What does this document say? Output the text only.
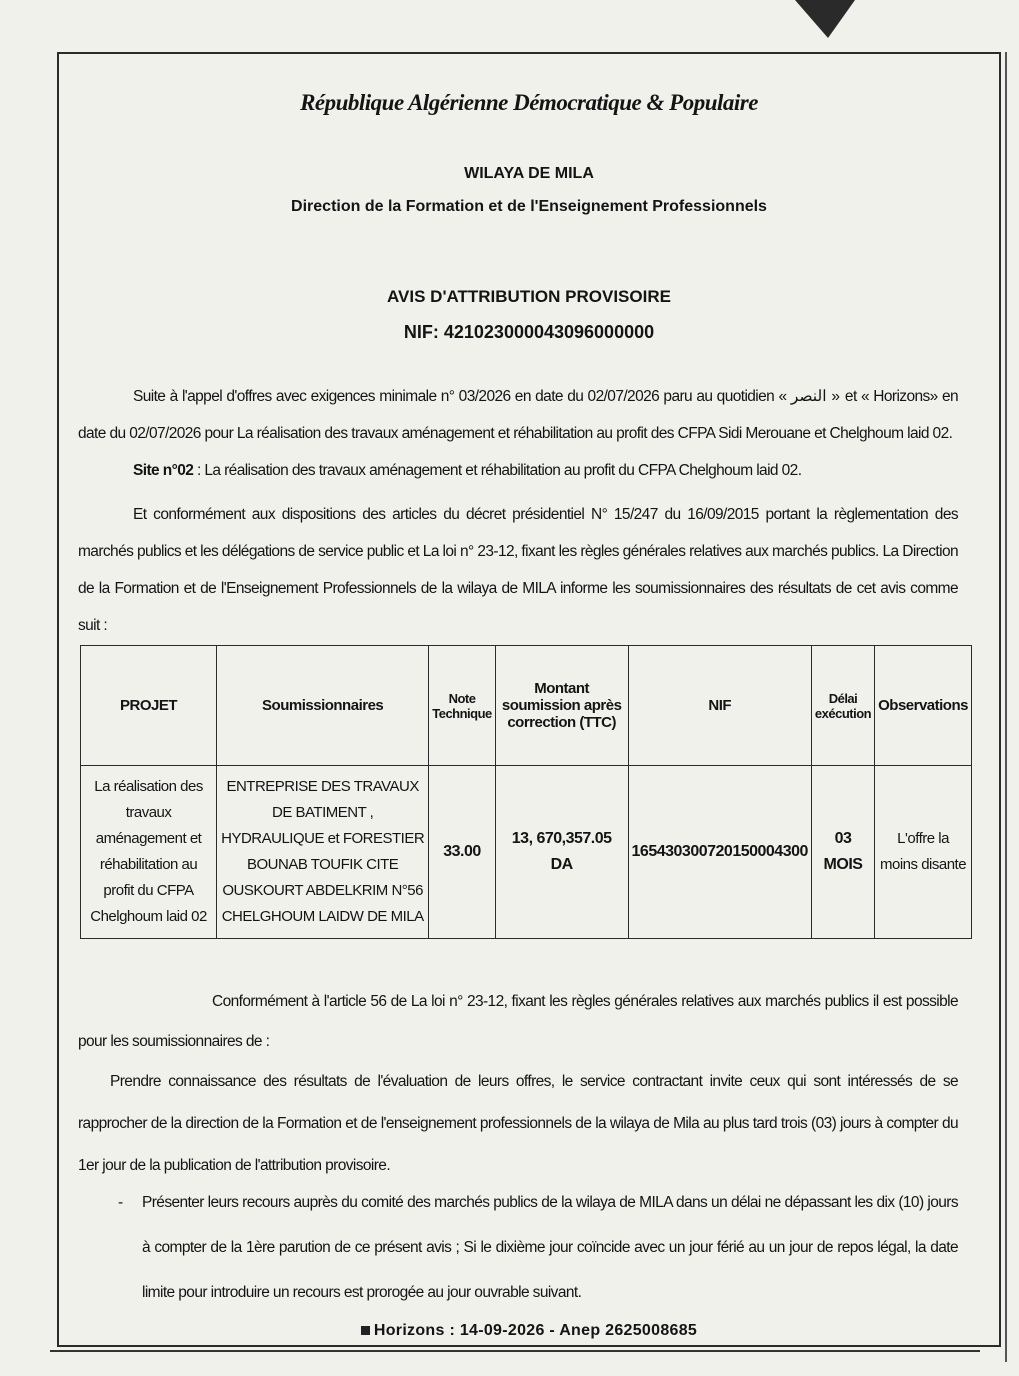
République Algérienne Démocratique & Populaire
WILAYA DE MILA
Direction de la Formation et de l'Enseignement Professionnels
AVIS D'ATTRIBUTION PROVISOIRE
NIF: 421023000043096000000
Suite à l'appel d'offres avec exigences minimale n° 03/2026 en date du 02/07/2026 paru au quotidien « النصر » et « Horizons» en date du 02/07/2026 pour La réalisation des travaux aménagement et réhabilitation au profit des CFPA Sidi Merouane et Chelghoum laid 02.
Site n°02 : La réalisation des travaux aménagement et réhabilitation au profit du CFPA Chelghoum laid 02.
Et conformément aux dispositions des articles du décret présidentiel N° 15/247 du 16/09/2015 portant la règlementation des marchés publics et les délégations de service public et La loi n° 23-12, fixant les règles générales relatives aux marchés publics. La Direction de la Formation et de l'Enseignement Professionnels de la wilaya de MILA informe les soumissionnaires des résultats de cet avis comme suit :
PROJET	Soumissionnaires	Note Technique	Montant soumission après correction (TTC)	NIF	Délai exécution	Observations
La réalisation des travaux aménagement et réhabilitation au profit du CFPA Chelghoum laid 02	ENTREPRISE DES TRAVAUX DE BATIMENT , HYDRAULIQUE et FORESTIER BOUNAB TOUFIK CITE OUSKOURT ABDELKRIM N°56 CHELGHOUM LAIDW DE MILA	33.00	13, 670,357.05 DA	165430300720150004300	03 MOIS	L'offre la moins disante
Conformément à l'article 56 de La loi n° 23-12, fixant les règles générales relatives aux marchés publics il est possible pour les soumissionnaires de :
Prendre connaissance des résultats de l'évaluation de leurs offres, le service contractant invite ceux qui sont intéressés de se rapprocher de la direction de la Formation et de l'enseignement professionnels de la wilaya de Mila au plus tard trois (03) jours à compter du 1er jour de la publication de l'attribution provisoire.
- Présenter leurs recours auprès du comité des marchés publics de la wilaya de MILA dans un délai ne dépassant les dix (10) jours à compter de la 1ère parution de ce présent avis ; Si le dixième jour coïncide avec un jour férié au un jour de repos légal, la date limite pour introduire un recours est prorogée au jour ouvrable suivant.
Horizons : 14-09-2026 - Anep 2625008685
